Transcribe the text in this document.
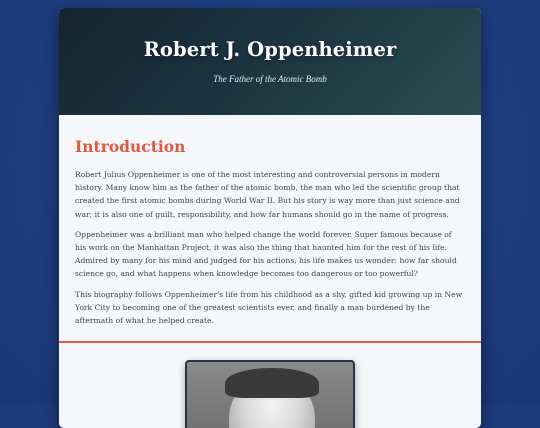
Robert J. Oppenheimer
The Father of the Atomic Bomb
Introduction

Robert Julius Oppenheimer is one of the most interesting and controversial persons in modern history. Many know him as the father of the atomic bomb, the man who led the scientific group that created the first atomic bombs during World War II. But his story is way more than just science and war; it is also one of guilt, responsibility, and how far humans should go in the name of progress.

Oppenheimer was a brilliant man who helped change the world forever. Super famous because of his work on the Manhattan Project, it was also the thing that haunted him for the rest of his life. Admired by many for his mind and judged for his actions, his life makes us wonder: how far should science go, and what happens when knowledge becomes too dangerous or too powerful?

This biography follows Oppenheimer's life from his childhood as a shy, gifted kid growing up in New York City to becoming one of the greatest scientists ever, and finally a man burdened by the aftermath of what he helped create.
